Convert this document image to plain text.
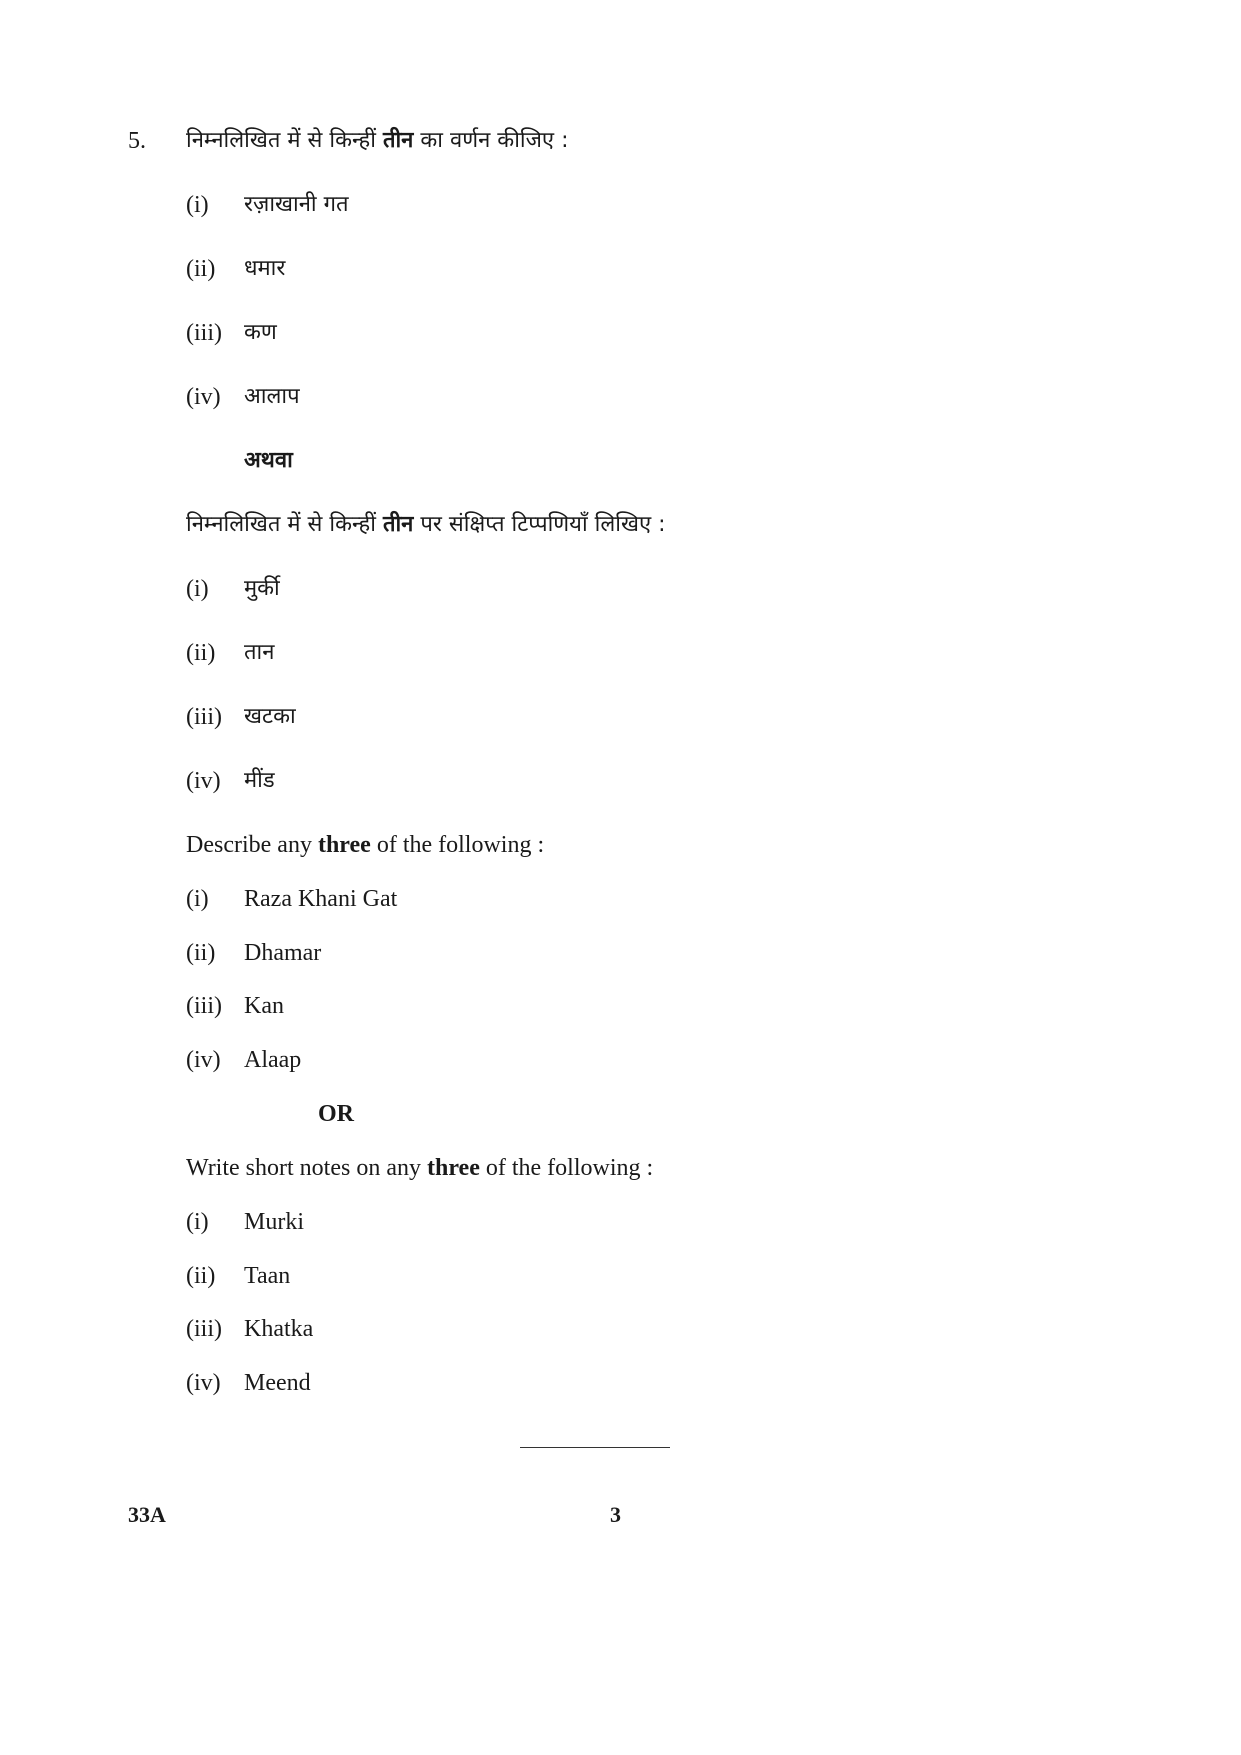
5. निम्नलिखित में से किन्हीं तीन का वर्णन कीजिए :
(i) रज़ाखानी गत
(ii) धमार
(iii) कण
(iv) आलाप
अथवा
निम्नलिखित में से किन्हीं तीन पर संक्षिप्त टिप्पणियाँ लिखिए :
(i) मुर्की
(ii) तान
(iii) खटका
(iv) मींड
Describe any three of the following :
(i) Raza Khani Gat
(ii) Dhamar
(iii) Kan
(iv) Alaap
OR
Write short notes on any three of the following :
(i) Murki
(ii) Taan
(iii) Khatka
(iv) Meend
33A	3
